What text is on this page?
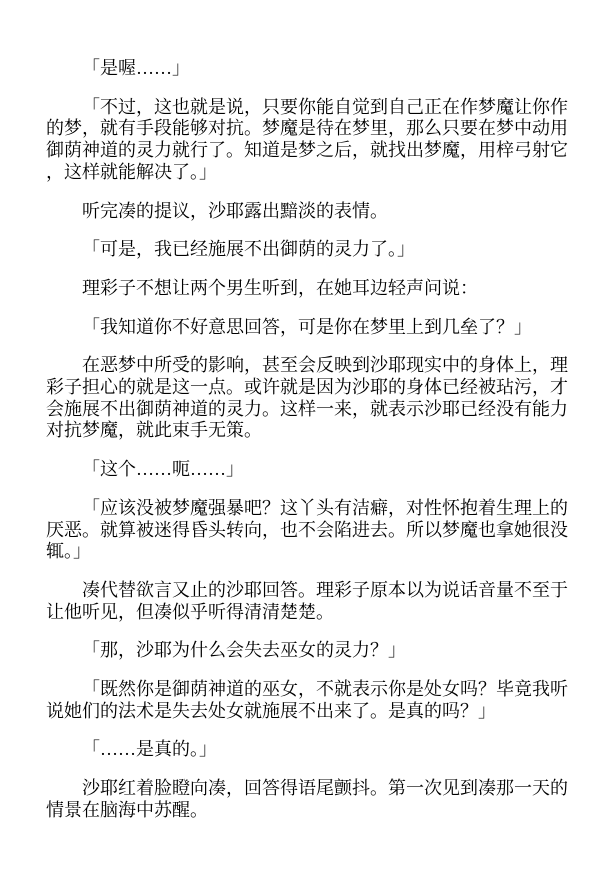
「是喔……」

「不过，这也就是说，只要你能自觉到自己正在作梦魔让你作的梦，就有手段能够对抗。梦魔是待在梦里，那么只要在梦中动用御荫神道的灵力就行了。知道是梦之后，就找出梦魔，用梓弓射它，这样就能解决了。」

听完凑的提议，沙耶露出黯淡的表情。

「可是，我已经施展不出御荫的灵力了。」

理彩子不想让两个男生听到，在她耳边轻声问说：

「我知道你不好意思回答，可是你在梦里上到几垒了？」

在恶梦中所受的影响，甚至会反映到沙耶现实中的身体上，理彩子担心的就是这一点。或许就是因为沙耶的身体已经被玷污，才会施展不出御荫神道的灵力。这样一来，就表示沙耶已经没有能力对抗梦魔，就此束手无策。

「这个……呃……」

「应该没被梦魔强暴吧？这丫头有洁癖，对性怀抱着生理上的厌恶。就算被迷得昏头转向，也不会陷进去。所以梦魔也拿她很没辄。」

凑代替欲言又止的沙耶回答。理彩子原本以为说话音量不至于让他听见，但凑似乎听得清清楚楚。

「那，沙耶为什么会失去巫女的灵力？」

「既然你是御荫神道的巫女，不就表示你是处女吗？毕竟我听说她们的法术是失去处女就施展不出来了。是真的吗？」

「……是真的。」

沙耶红着脸瞪向凑，回答得语尾颤抖。第一次见到凑那一天的情景在脑海中苏醒。
